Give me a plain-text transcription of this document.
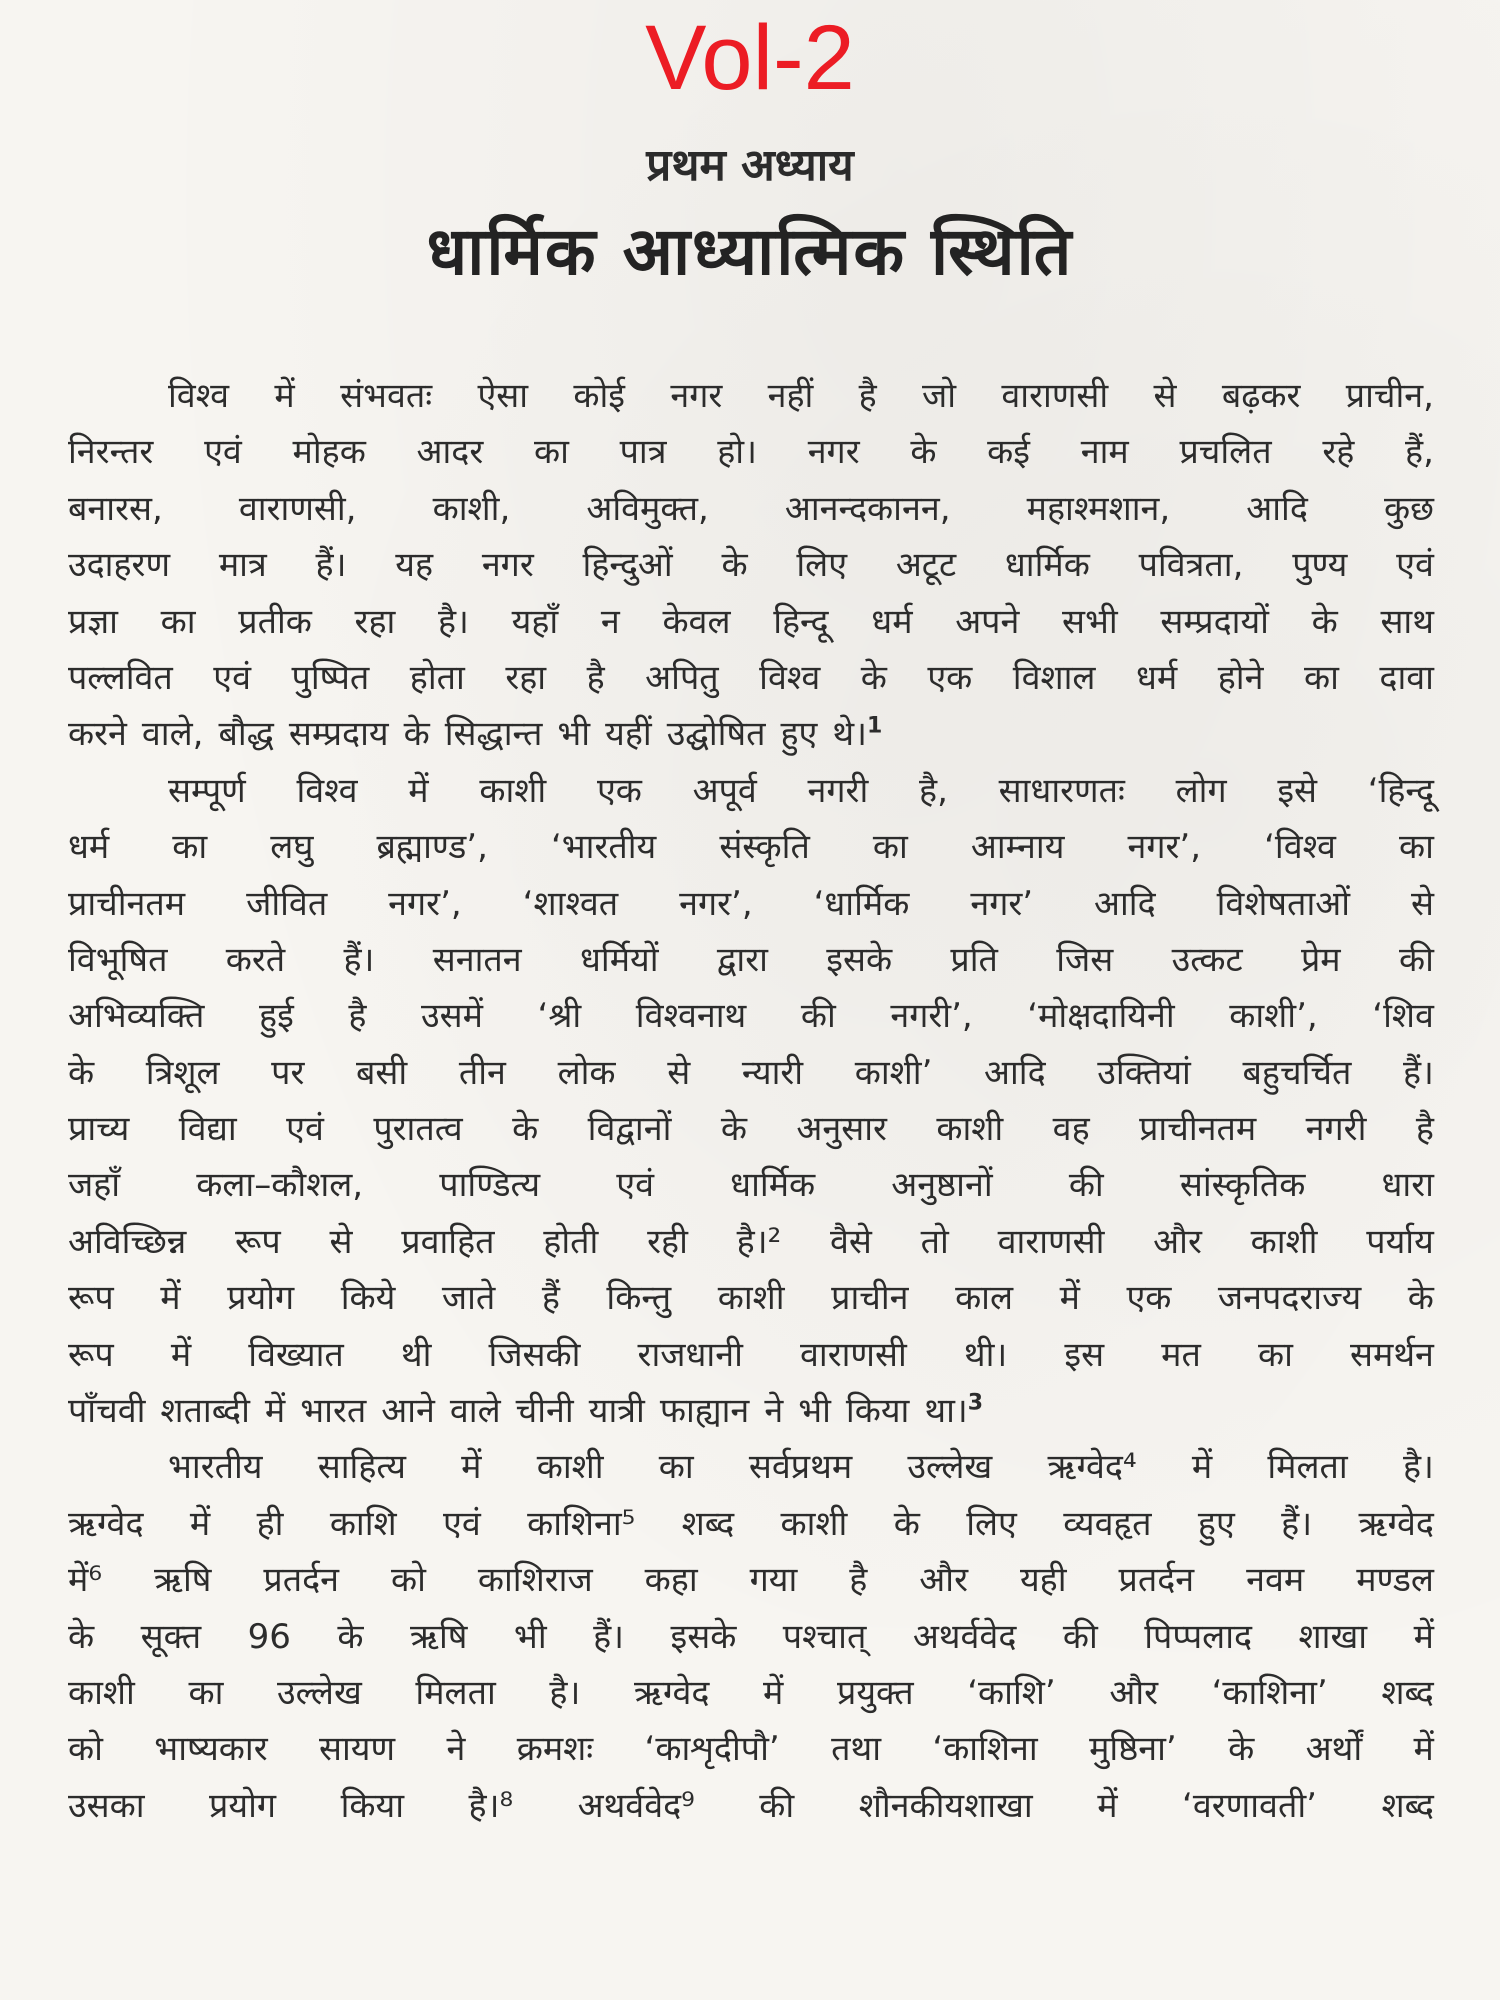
Vol-2
प्रथम अध्याय
धार्मिक आध्यात्मिक स्थिति
विश्व में संभवतः ऐसा कोई नगर नहीं है जो वाराणसी से बढ़कर प्राचीन,
निरन्तर एवं मोहक आदर का पात्र हो। नगर के कई नाम प्रचलित रहे हैं,
बनारस, वाराणसी, काशी, अविमुक्त, आनन्दकानन, महाश्मशान, आदि कुछ
उदाहरण मात्र हैं। यह नगर हिन्दुओं के लिए अटूट धार्मिक पवित्रता, पुण्य एवं
प्रज्ञा का प्रतीक रहा है। यहाँ न केवल हिन्दू धर्म अपने सभी सम्प्रदायों के साथ
पल्लवित एवं पुष्पित होता रहा है अपितु विश्व के एक विशाल धर्म होने का दावा
करने वाले, बौद्ध सम्प्रदाय के सिद्धान्त भी यहीं उद्घोषित हुए थे।$^1$
सम्पूर्ण विश्व में काशी एक अपूर्व नगरी है, साधारणतः लोग इसे ‘हिन्दू
धर्म का लघु ब्रह्माण्ड’, ‘भारतीय संस्कृति का आम्नाय नगर’, ‘विश्व का
प्राचीनतम जीवित नगर’, ‘शाश्वत नगर’, ‘धार्मिक नगर’ आदि विशेषताओं से
विभूषित करते हैं। सनातन धर्मियों द्वारा इसके प्रति जिस उत्कट प्रेम की
अभिव्यक्ति हुई है उसमें ‘श्री विश्वनाथ की नगरी’, ‘मोक्षदायिनी काशी’, ‘शिव
के त्रिशूल पर बसी तीन लोक से न्यारी काशी’ आदि उक्तियां बहुचर्चित हैं।
प्राच्य विद्या एवं पुरातत्व के विद्वानों के अनुसार काशी वह प्राचीनतम नगरी है
जहाँ कला–कौशल, पाण्डित्य एवं धार्मिक अनुष्ठानों की सांस्कृतिक धारा
अविच्छिन्न रूप से प्रवाहित होती रही है।² वैसे तो वाराणसी और काशी पर्याय
रूप में प्रयोग किये जाते हैं किन्तु काशी प्राचीन काल में एक जनपदराज्य के
रूप में विख्यात थी जिसकी राजधानी वाराणसी थी। इस मत का समर्थन
पाँचवी शताब्दी में भारत आने वाले चीनी यात्री फाह्यान ने भी किया था।$^3$
भारतीय साहित्य में काशी का सर्वप्रथम उल्लेख ऋग्वेद⁴ में मिलता है।
ऋग्वेद में ही काशि एवं काशिना⁵ शब्द काशी के लिए व्यवहृत हुए हैं। ऋग्वेद
में⁶ ऋषि प्रतर्दन को काशिराज कहा गया है और यही प्रतर्दन नवम मण्डल
के सूक्त 96 के ऋषि भी हैं। इसके पश्चात् अथर्ववेद की पिप्पलाद शाखा में
काशी का उल्लेख मिलता है। ऋग्वेद में प्रयुक्त ‘काशि’ और ‘काशिना’ शब्द
को भाष्यकार सायण ने क्रमशः ‘काशृदीपौ’ तथा ‘काशिना मुष्ठिना’ के अर्थों में
उसका प्रयोग किया है।⁸ अथर्ववेद⁹ की शौनकीयशाखा में ‘वरणावती’ शब्द
